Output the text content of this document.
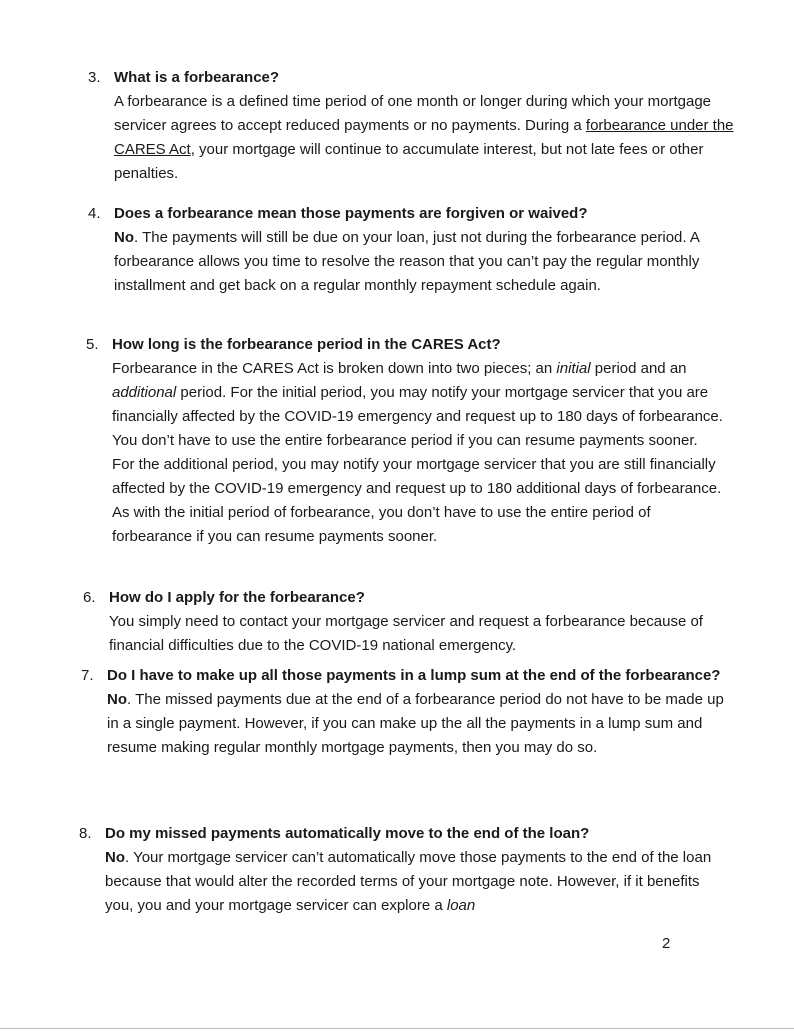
3. What is a forbearance?
A forbearance is a defined time period of one month or longer during which your mortgage servicer agrees to accept reduced payments or no payments. During a forbearance under the CARES Act, your mortgage will continue to accumulate interest, but not late fees or other penalties.
4. Does a forbearance mean those payments are forgiven or waived?
No. The payments will still be due on your loan, just not during the forbearance period. A forbearance allows you time to resolve the reason that you can’t pay the regular monthly installment and get back on a regular monthly repayment schedule again.
5. How long is the forbearance period in the CARES Act?

Forbearance in the CARES Act is broken down into two pieces; an initial period and an additional period. For the initial period, you may notify your mortgage servicer that you are financially affected by the COVID-19 emergency and request up to 180 days of forbearance. You don’t have to use the entire forbearance period if you can resume payments sooner.

For the additional period, you may notify your mortgage servicer that you are still financially affected by the COVID-19 emergency and request up to 180 additional days of forbearance. As with the initial period of forbearance, you don’t have to use the entire period of forbearance if you can resume payments sooner.

6. How do I apply for the forbearance?
You simply need to contact your mortgage servicer and request a forbearance because of financial difficulties due to the COVID-19 national emergency.
7. Do I have to make up all those payments in a lump sum at the end of the forbearance?
No. The missed payments due at the end of a forbearance period do not have to be made up in a single payment. However, if you can make up the all the payments in a lump sum and resume making regular monthly mortgage payments, then you may do so.
8. Do my missed payments automatically move to the end of the loan?
No. Your mortgage servicer can’t automatically move those payments to the end of the loan because that would alter the recorded terms of your mortgage note. However, if it benefits you, you and your mortgage servicer can explore a loan
2
